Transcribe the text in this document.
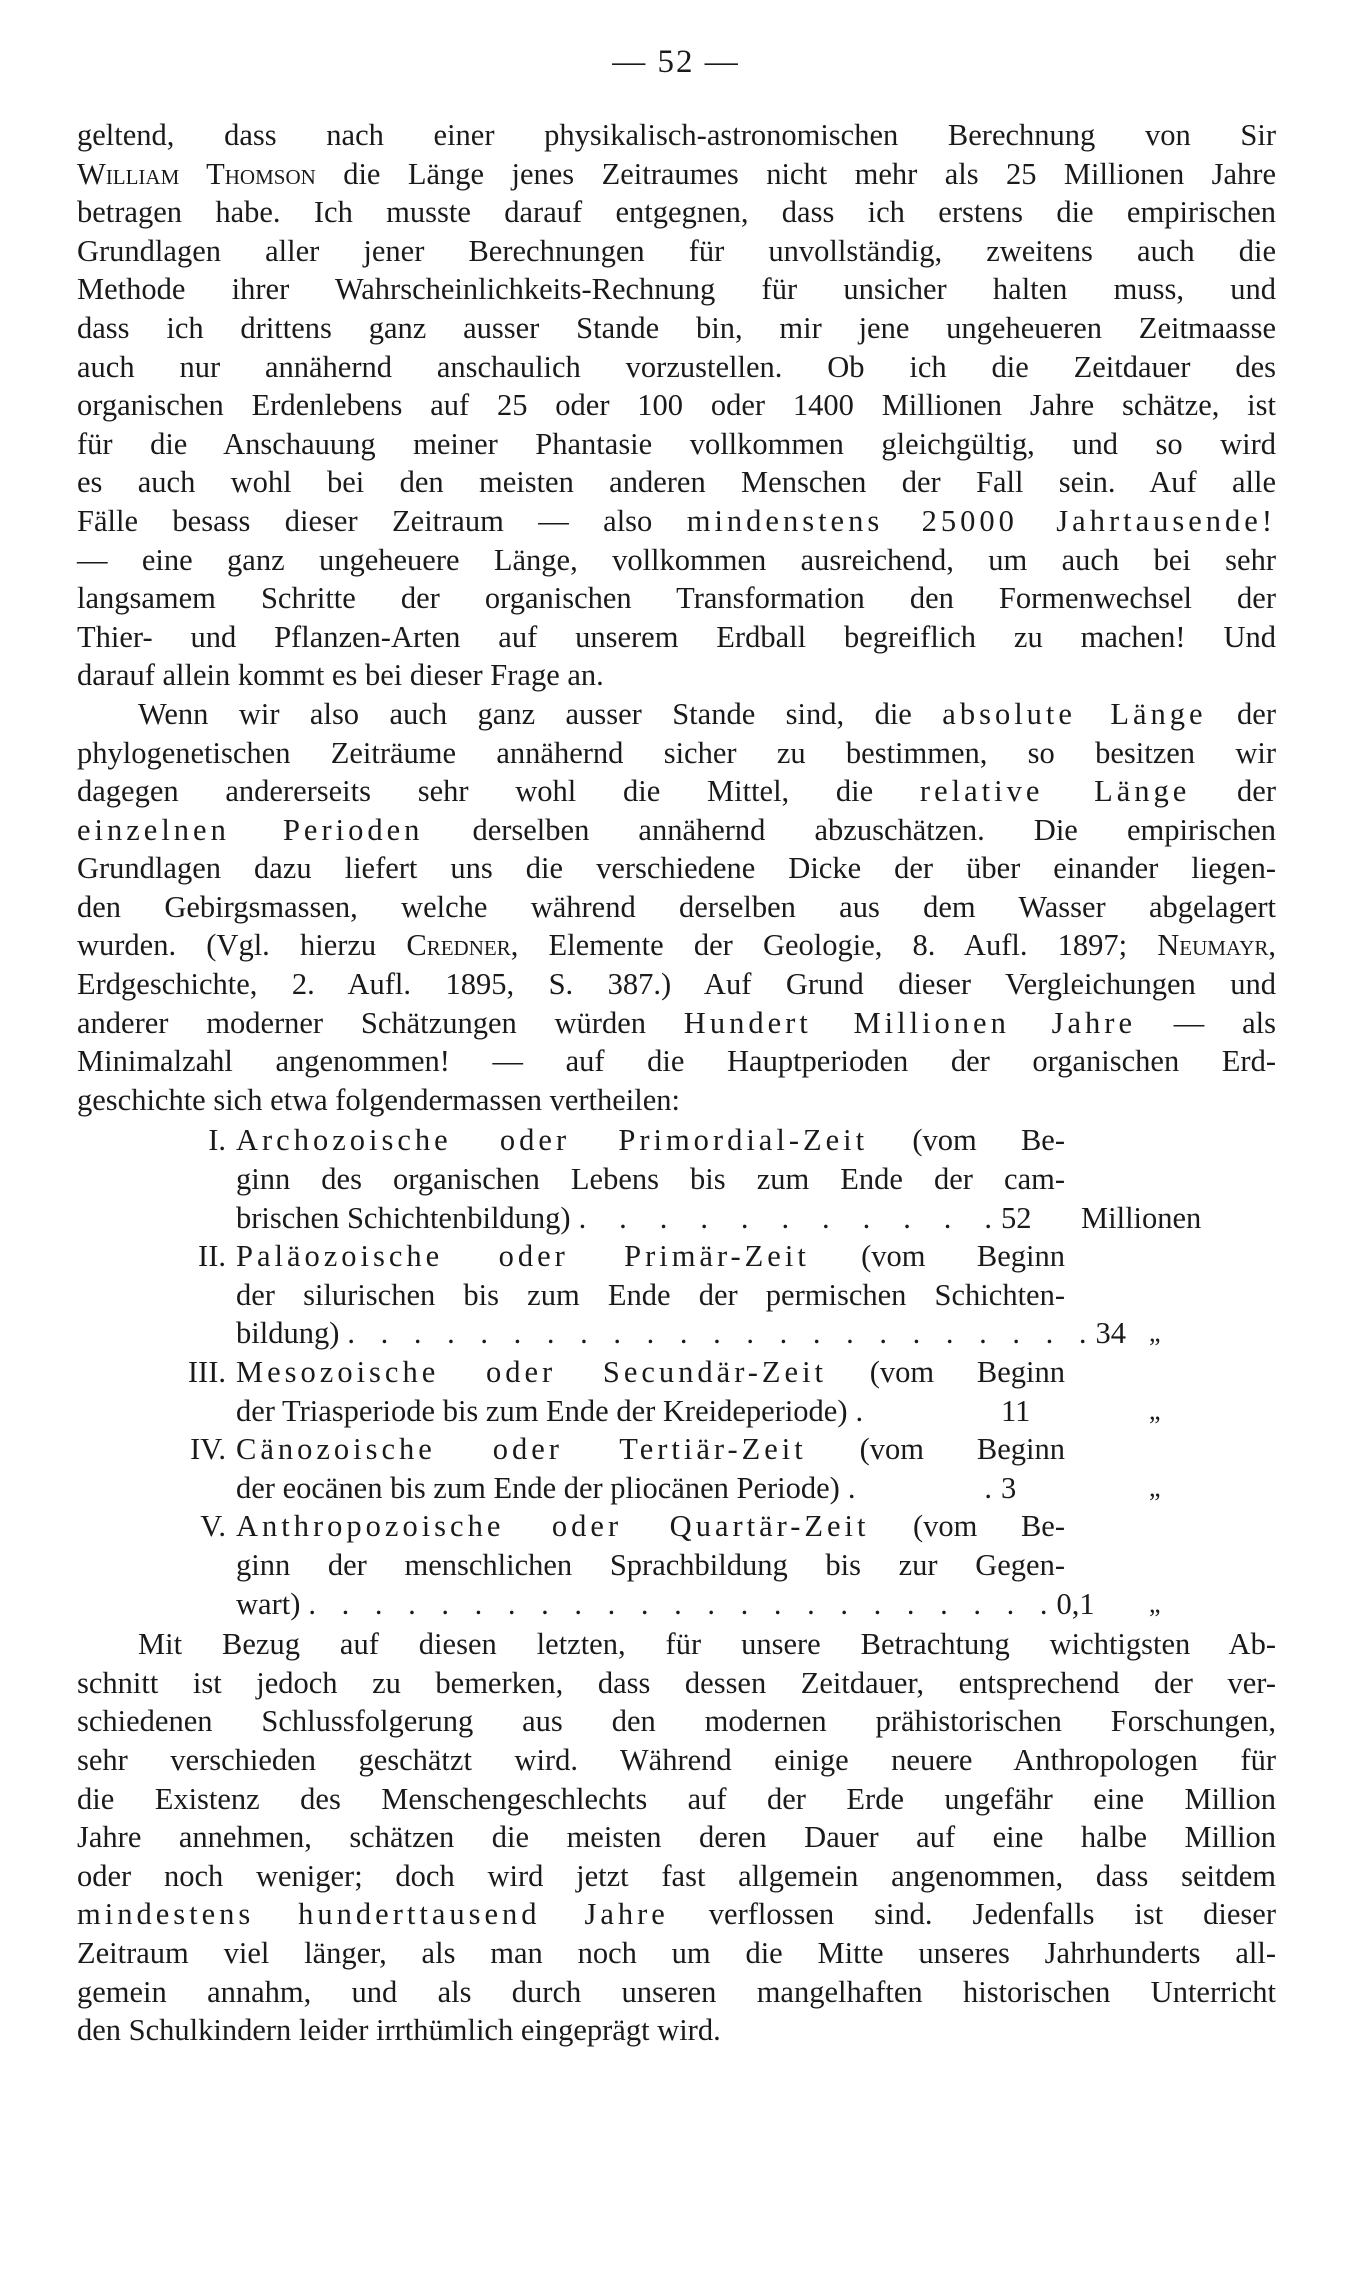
— 52 —
geltend, dass nach einer physikalisch-astronomischen Berechnung von Sir
William Thomson die Länge jenes Zeitraumes nicht mehr als 25 Millionen Jahre
betragen habe. Ich musste darauf entgegnen, dass ich erstens die empirischen
Grundlagen aller jener Berechnungen für unvollständig, zweitens auch die
Methode ihrer Wahrscheinlichkeits-Rechnung für unsicher halten muss, und
dass ich drittens ganz ausser Stande bin, mir jene ungeheueren Zeitmaasse
auch nur annähernd anschaulich vorzustellen. Ob ich die Zeitdauer des
organischen Erdenlebens auf 25 oder 100 oder 1400 Millionen Jahre schätze, ist
für die Anschauung meiner Phantasie vollkommen gleichgültig, und so wird
es auch wohl bei den meisten anderen Menschen der Fall sein. Auf alle
Fälle besass dieser Zeitraum — also mindenstens 25000 Jahrtausende!
— eine ganz ungeheuere Länge, vollkommen ausreichend, um auch bei sehr
langsamem Schritte der organischen Transformation den Formenwechsel der
Thier- und Pflanzen-Arten auf unserem Erdball begreiflich zu machen! Und
darauf allein kommt es bei dieser Frage an.
Wenn wir also auch ganz ausser Stande sind, die absolute Länge der
phylogenetischen Zeiträume annähernd sicher zu bestimmen, so besitzen wir
dagegen andererseits sehr wohl die Mittel, die relative Länge der
einzelnen Perioden derselben annähernd abzuschätzen. Die empirischen
Grundlagen dazu liefert uns die verschiedene Dicke der über einander liegen-
den Gebirgsmassen, welche während derselben aus dem Wasser abgelagert
wurden. (Vgl. hierzu Credner, Elemente der Geologie, 8. Aufl. 1897; Neumayr,
Erdgeschichte, 2. Aufl. 1895, S. 387.) Auf Grund dieser Vergleichungen und
anderer moderner Schätzungen würden Hundert Millionen Jahre — als
Minimalzahl angenommen! — auf die Hauptperioden der organischen Erd-
geschichte sich etwa folgendermassen vertheilen:
I. Archozoische oder Primordial-Zeit (vom Be-
ginn des organischen Lebens bis zum Ende der cam-
brischen Schichtenbildung) . . . . . . . . . . . 52	Millionen
II. Paläozoische oder Primär-Zeit (vom Beginn
der silurischen bis zum Ende der permischen Schichten-
bildung) . . . . . . . . . . . . . . . . . . . . . . . 34 „
III. Mesozoische oder Secundär-Zeit (vom Beginn
der Triasperiode bis zum Ende der Kreideperiode) .	11	„
IV. Cänozoische oder Tertiär-Zeit (vom Beginn
der eocänen bis zum Ende der pliocänen Periode) . . 3	„
V. Anthropozoische oder Quartär-Zeit (vom Be-
ginn der menschlichen Sprachbildung bis zur Gegen-
wart) . . . . . . . . . . . . . . . . . . . . . . . 0,1	„
Mit Bezug auf diesen letzten, für unsere Betrachtung wichtigsten Ab-
schnitt ist jedoch zu bemerken, dass dessen Zeitdauer, entsprechend der ver-
schiedenen Schlussfolgerung aus den modernen prähistorischen Forschungen,
sehr verschieden geschätzt wird. Während einige neuere Anthropologen für
die Existenz des Menschengeschlechts auf der Erde ungefähr eine Million
Jahre annehmen, schätzen die meisten deren Dauer auf eine halbe Million
oder noch weniger; doch wird jetzt fast allgemein angenommen, dass seitdem
mindestens hunderttausend Jahre verflossen sind. Jedenfalls ist dieser
Zeitraum viel länger, als man noch um die Mitte unseres Jahrhunderts all-
gemein annahm, und als durch unseren mangelhaften historischen Unterricht
den Schulkindern leider irrthümlich eingeprägt wird.
